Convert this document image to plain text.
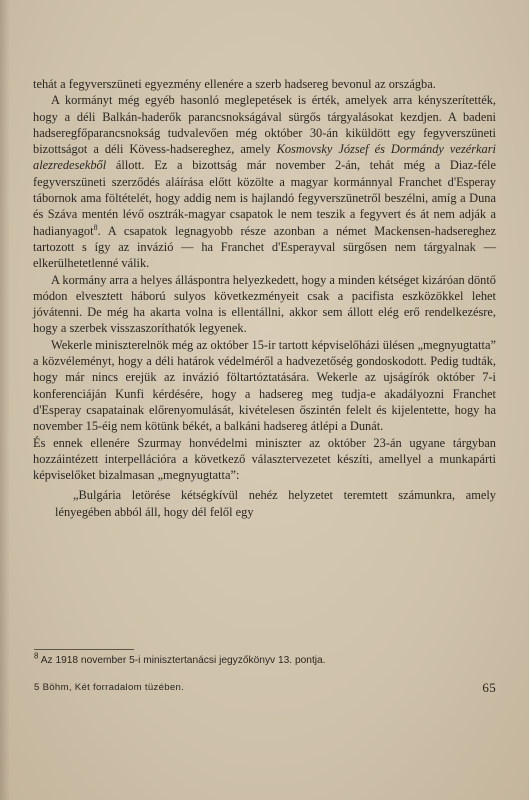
tehát a fegyverszüneti egyezmény ellenére a szerb hadsereg bevonul az országba.

A kormányt még egyéb hasonló meglepetések is érték, amelyek arra kényszerítették, hogy a déli Balkán-haderők parancsnokságával sürgős tárgyalásokat kezdjen. A badeni hadseregfőparancsnokság tudvalevően még október 30-án kiküldött egy fegyverszüneti bizottságot a déli Kövess-hadsereghez, amely Kosmovsky József és Dormándy vezérkari alezredesekből állott. Ez a bizottság már november 2-án, tehát még a Diaz-féle fegyverszüneti szerződés aláírása előtt közölte a magyar kormánnyal Franchet d'Esperay tábornok ama föltételét, hogy addig nem is hajlandó fegyverszünetről beszélni, amíg a Duna és Száva mentén lévő osztrák-magyar csapatok le nem teszik a fegyvert és át nem adják a hadianyagot$^8$. A csapatok legnagyobb része azonban a német Mackensen-hadsereghez tartozott s így az invázió — ha Franchet d'Esperayval sürgősen nem tárgyalnak — elkerülhetetlenné válik.

A kormány arra a helyes álláspontra helyezkedett, hogy a minden kétséget kizáróan döntő módon elvesztett háború sulyos következményeit csak a pacifista eszközökkel lehet jóvátenni. De még ha akarta volna is ellentállni, akkor sem állott elég erő rendelkezésre, hogy a szerbek visszaszoríthatók legyenek.

Wekerle miniszterelnök még az október 15-ir tartott képviselőházi ülésen „megnyugtatta” a közvéleményt, hogy a déli határok védelméről a hadvezetőség gondoskodott. Pedig tudták, hogy már nincs erejük az invázió föltartóztatására. Wekerle az ujságírók október 7-i konferenciáján Kunfi kérdésére, hogy a hadsereg meg tudja-e akadályozni Franchet d'Esperay csapatainak előrenyomulását, kivételesen őszintén felelt és kijelentette, hogy ha november 15-éig nem kötünk békét, a balkáni hadsereg átlépi a Dunát.

És ennek ellenére Szurmay honvédelmi miniszter az október 23-án ugyane tárgyban hozzáintézett interpellációra a következő választervezetet készíti, amellyel a munkapárti képviselőket bizalmasan „megnyugtatta”:

„Bulgária letörése kétségkívül nehéz helyzetet teremtett számunkra, amely lényegében abból áll, hogy dél felől egy

$^8$ Az 1918 november 5-i minisztertanácsi jegyzőkönyv 13. pontja.

5 Böhm, Két forradalom tüzében.	65
